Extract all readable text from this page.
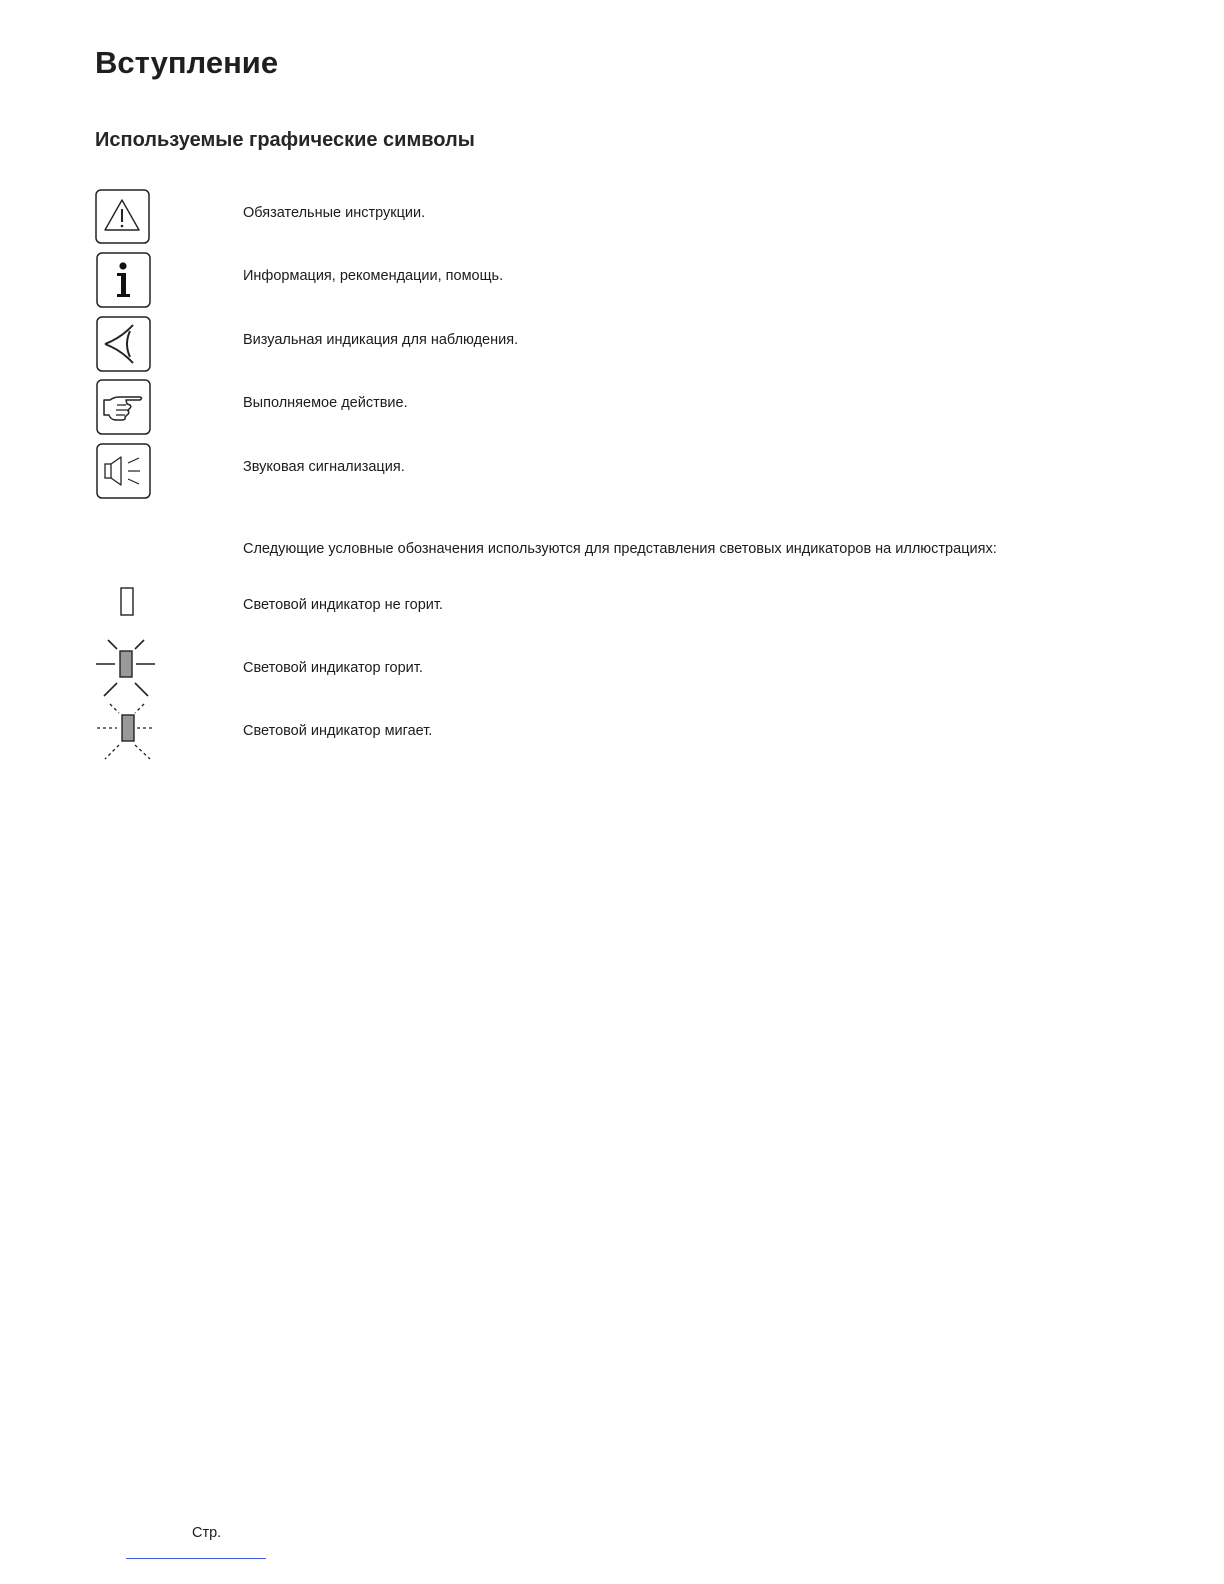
Вступление
Используемые графические символы
Обязательные инструкции.
Информация, рекомендации, помощь.
Визуальная индикация для наблюдения.
Выполняемое действие.
Звуковая сигнализация.
Следующие условные обозначения используются для представления световых индикаторов на иллюстрациях:
Световой индикатор не горит.
Световой индикатор горит.
Световой индикатор мигает.
Стр.
